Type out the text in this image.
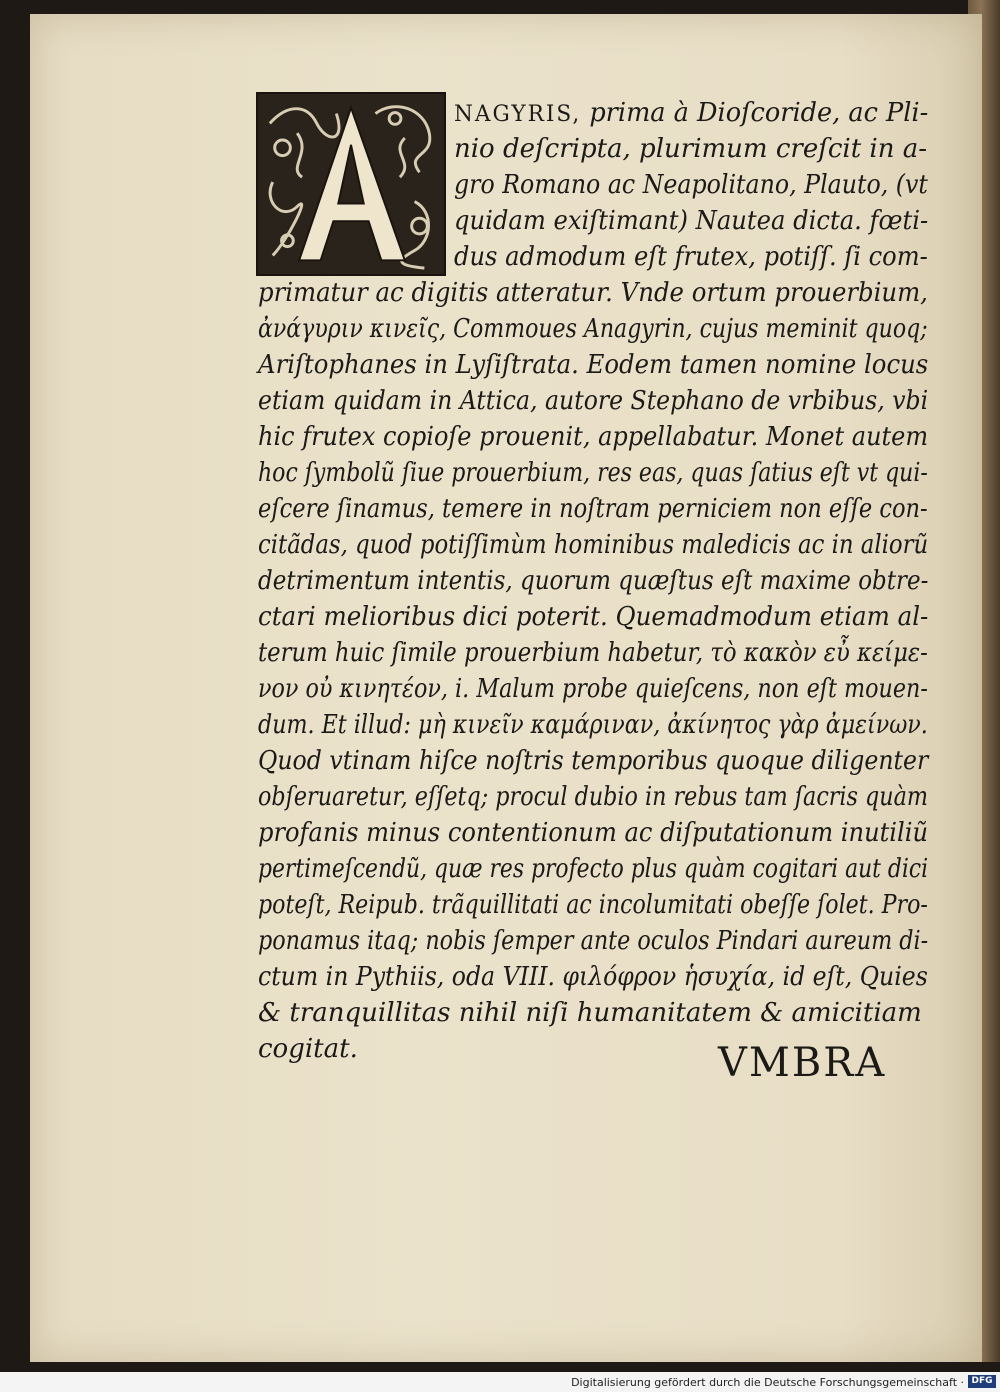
NAGYRIS, prima à Dioſcoride, ac Pli-
nio deſcripta, plurimum creſcit in a-
gro Romano ac Neapolitano, Plauto, (vt
quidam exiſtimant) Nautea dicta. fœti-
dus admodum eſt frutex, potiſſ. ſi com-
primatur ac digitis atteratur. Vnde ortum prouerbium,
ἀνάγυριν κινεῖς, Commoues Anagyrin, cujus meminit quoq;
Ariſtophanes in Lyſiſtrata. Eodem tamen nomine locus
etiam quidam in Attica, autore Stephano de vrbibus, vbi
hic frutex copioſe prouenit, appellabatur. Monet autem
hoc ſymbolũ ſiue prouerbium, res eas, quas ſatius eſt vt qui-
eſcere ſinamus, temere in noſtram perniciem non eſſe con-
citãdas, quod potiſſimùm hominibus maledicis ac in aliorũ
detrimentum intentis, quorum quæſtus eſt maxime obtre-
ctari melioribus dici poterit. Quemadmodum etiam al-
terum huic ſimile prouerbium habetur, τὸ κακὸν εὖ κείμε-
νον οὐ κινητέον, i. Malum probe quieſcens, non eſt mouen-
dum. Et illud: μὴ κινεῖν καμάριναν, ἀκίνητος γὰρ ἀμείνων.
Quod vtinam hiſce noſtris temporibus quoque diligenter
obſeruaretur, eſſetq; procul dubio in rebus tam ſacris quàm
profanis minus contentionum ac diſputationum inutiliũ
pertimeſcendũ, quæ res profecto plus quàm cogitari aut dici
poteſt, Reipub. trãquillitati ac incolumitati obeſſe ſolet. Pro-
ponamus itaq; nobis ſemper ante oculos Pindari aureum di-
ctum in Pythiis, oda VIII. φιλόφρον ἡσυχία, id eſt, Quies
& tranquillitas nihil niſi humanitatem & amicitiam
cogitat.	VMBRA
Digitalisierung gefördert durch die Deutsche Forschungsgemeinschaft · DFG
